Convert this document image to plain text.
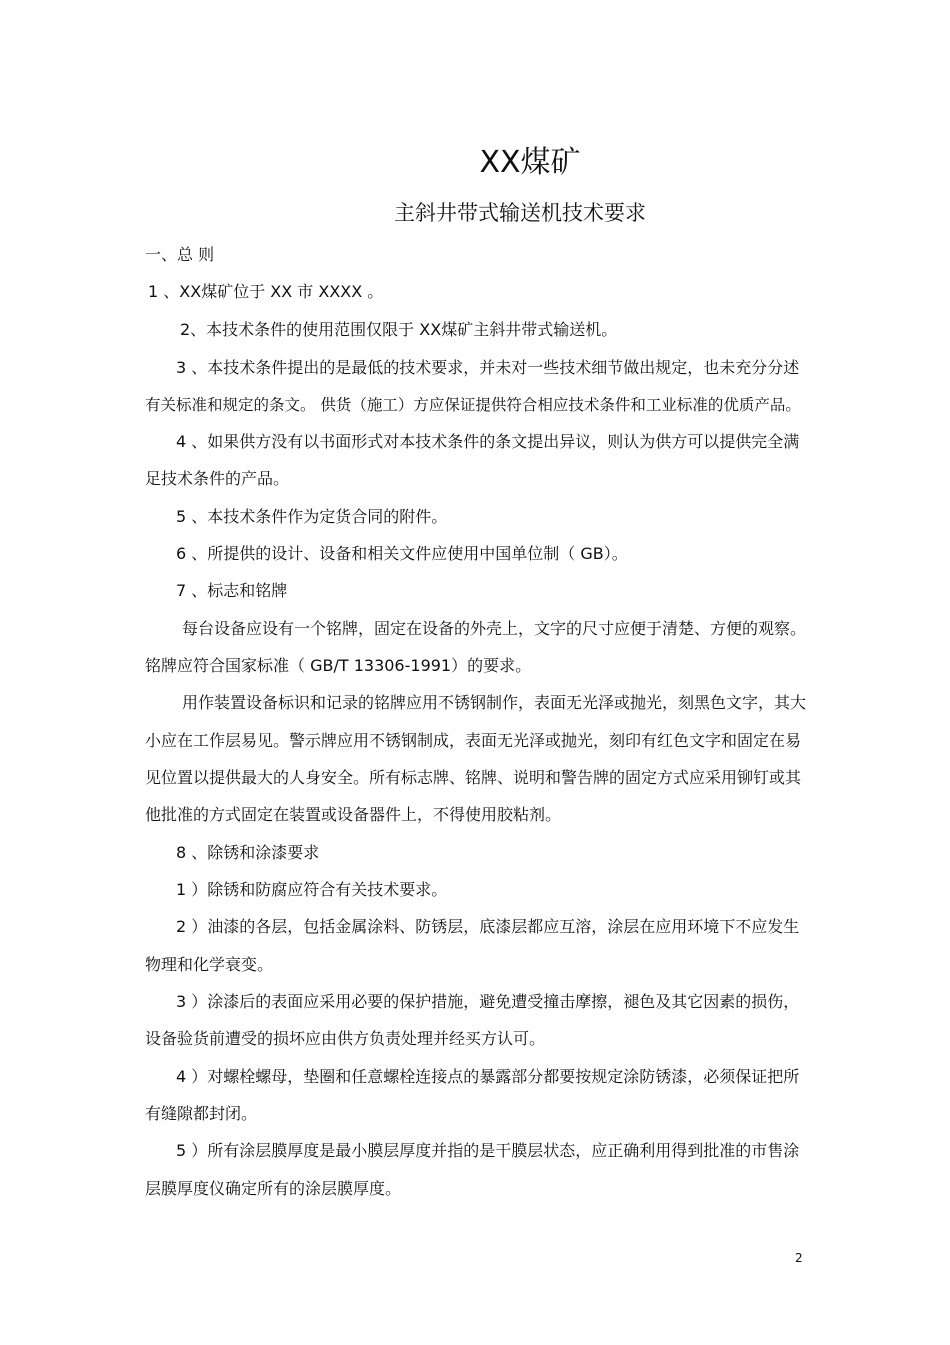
XX煤矿
主斜井带式输送机技术要求
一、总 则
1 、XX煤矿位于 XX 市 XXXX 。
2、本技术条件的使用范围仅限于 XX煤矿主斜井带式输送机。
3 、本技术条件提出的是最低的技术要求，并未对一些技术细节做出规定，也未充分分述
有关标准和规定的条文。 供货（施工）方应保证提供符合相应技术条件和工业标准的优质产品。
4 、如果供方没有以书面形式对本技术条件的条文提出异议，则认为供方可以提供完全满
足技术条件的产品。
5 、本技术条件作为定货合同的附件。
6 、所提供的设计、设备和相关文件应使用中国单位制（ GB）。
7 、标志和铭牌
每台设备应设有一个铭牌，固定在设备的外壳上，文字的尺寸应便于清楚、方便的观察。
铭牌应符合国家标准（ GB/T 13306-1991）的要求。
用作装置设备标识和记录的铭牌应用不锈钢制作，表面无光泽或抛光，刻黑色文字，其大
小应在工作层易见。警示牌应用不锈钢制成，表面无光泽或抛光，刻印有红色文字和固定在易
见位置以提供最大的人身安全。所有标志牌、铭牌、说明和警告牌的固定方式应采用铆钉或其
他批准的方式固定在装置或设备器件上，不得使用胶粘剂。
8 、除锈和涂漆要求
1 ）除锈和防腐应符合有关技术要求。
2 ）油漆的各层，包括金属涂料、防锈层，底漆层都应互溶，涂层在应用环境下不应发生
物理和化学衰变。
3 ）涂漆后的表面应采用必要的保护措施，避免遭受撞击摩擦，褪色及其它因素的损伤，
设备验货前遭受的损坏应由供方负责处理并经买方认可。
4 ）对螺栓螺母，垫圈和任意螺栓连接点的暴露部分都要按规定涂防锈漆，必须保证把所
有缝隙都封闭。
5 ）所有涂层膜厚度是最小膜层厚度并指的是干膜层状态，应正确利用得到批准的市售涂
层膜厚度仪确定所有的涂层膜厚度。
2
